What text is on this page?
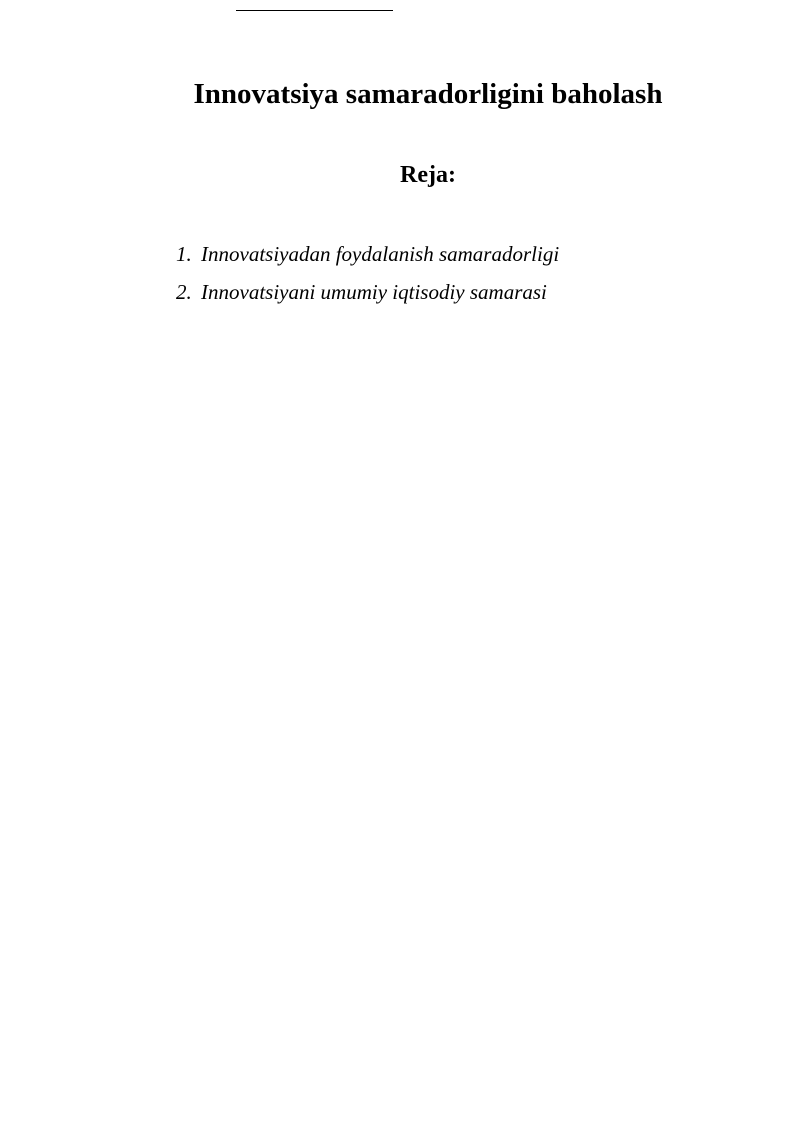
Innovatsiya samaradorligini baholash
Reja:
1. Innovatsiyadan foydalanish samaradorligi
2. Innovatsiyani umumiy iqtisodiy samarasi
